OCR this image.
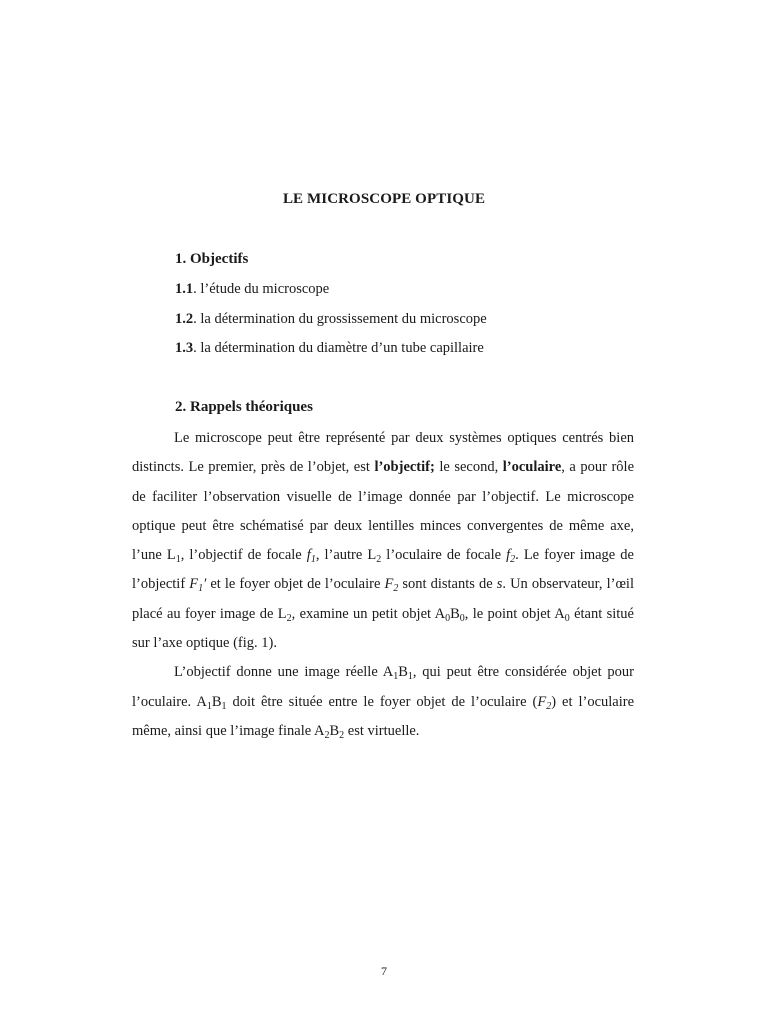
LE MICROSCOPE OPTIQUE
1. Objectifs
1.1. l’étude du microscope
1.2. la détermination du grossissement du microscope
1.3. la détermination du diamètre d’un tube capillaire
2. Rappels théoriques

Le microscope peut être représenté par deux systèmes optiques centrés bien distincts. Le premier, près de l’objet, est l’objectif; le second, l’oculaire, a pour rôle de faciliter l’observation visuelle de l’image donnée par l’objectif. Le microscope optique peut être schématisé par deux lentilles minces convergentes de même axe, l’une $L_1$, l’objectif de focale $f_1$, l’autre $L_2$ l’oculaire de focale $f_2$. Le foyer image de l’objectif $F_1'$ et le foyer objet de l’oculaire $F_2$ sont distants de s. Un observateur, l’œil placé au foyer image de $L_2$, examine un petit objet $A_0B_0$, le point objet $A_0$ étant situé sur l’axe optique (fig. 1).

L’objectif donne une image réelle $A_1B_1$, qui peut être considérée objet pour l’oculaire. $A_1B_1$ doit être située entre le foyer objet de l’oculaire $(F_2)$ et l’oculaire même, ainsi que l’image finale $A_2B_2$ est virtuelle.

7
